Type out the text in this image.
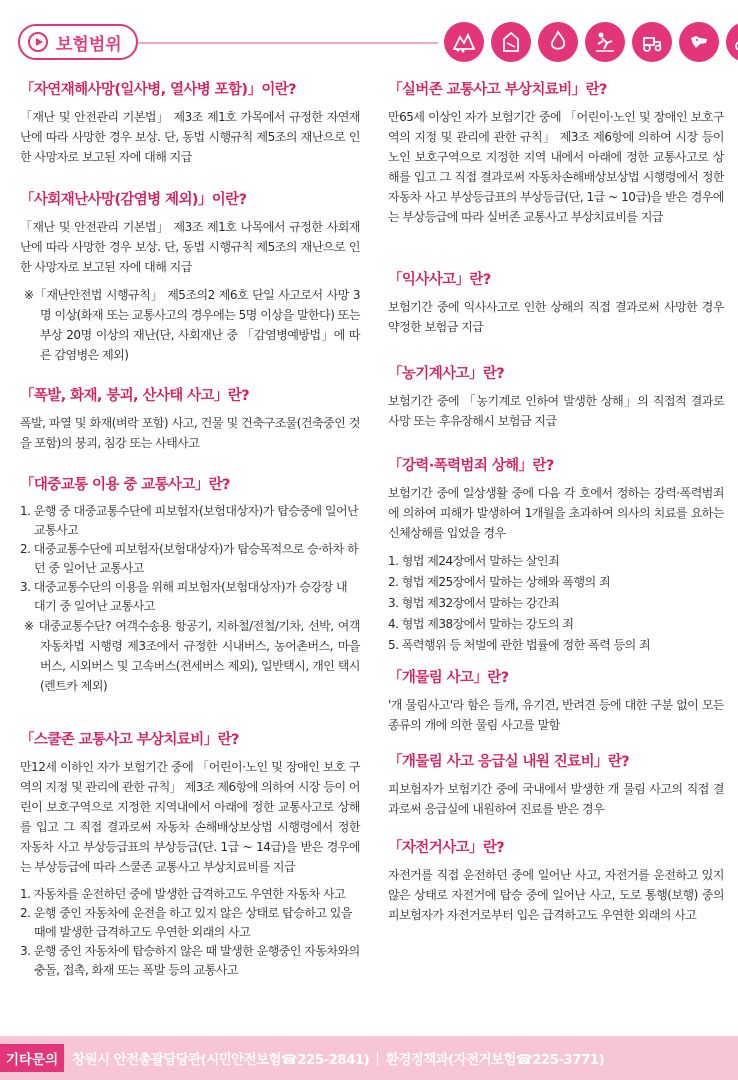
보험범위
「자연재해사망(일사병, 열사병 포함)」이란?

「재난 및 안전관리 기본법」 제3조 제1호 가목에서 규정한 자연재난에 따라 사망한 경우 보상. 단, 동법 시행규칙 제5조의 재난으로 인한 사망자로 보고된 자에 대해 지급

「사회재난사망(감염병 제외)」이란?

「재난 및 안전관리 기본법」 제3조 제1호 나목에서 규정한 사회재난에 따라 사망한 경우 보상. 단, 동법 시행규칙 제5조의 재난으로 인한 사망자로 보고된 자에 대해 지급

※「재난안전법 시행규칙」 제5조의2 제6호 단일 사고로서 사망 3명 이상(화재 또는 교통사고의 경우에는 5명 이상을 말한다) 또는 부상 20명 이상의 재난(단, 사회재난 중 「감염병예방법」에 따른 감염병은 제외)

「폭발, 화재, 붕괴, 산사태 사고」란?

폭발, 파열 및 화재(벼락 포함) 사고, 건물 및 건축구조물(건축중인 것을 포함)의 붕괴, 침강 또는 사태사고

「대중교통 이용 중 교통사고」란?
1. 운행 중 대중교통수단에 피보험자(보험대상자)가 탑승중에 일어난 교통사고
2. 대중교통수단에 피보험자(보험대상자)가 탑승목적으로 승·하차 하던 중 일어난 교통사고
3. 대중교통수단의 이용을 위해 피보험자(보험대상자)가 승강장 내 대기 중 일어난 교통사고

※ 대중교통수단? 여객수송용 항공기, 지하철/전철/기차, 선박, 여객자동차법 시행령 제3조에서 규정한 시내버스, 농어촌버스, 마을버스, 시외버스 및 고속버스(전세버스 제외), 일반택시, 개인 택시(렌트카 제외)

「스쿨존 교통사고 부상치료비」란?

만12세 이하인 자가 보험기간 중에 「어린이·노인 및 장애인 보호 구역의 지정 및 관리에 관한 규칙」 제3조 제6항에 의하여 시장 등이 어린이 보호구역으로 지정한 지역내에서 아래에 정한 교통사고로 상해를 입고 그 직접 결과로써 자동차 손해배상보상법 시행령에서 정한 자동차 사고 부상등급표의 부상등급(단. 1급 ~ 14급)을 받은 경우에는 부상등급에 따라 스쿨존 교통사고 부상치료비를 지급

1. 자동차를 운전하던 중에 발생한 급격하고도 우연한 자동차 사고
2. 운행 중인 자동차에 운전을 하고 있지 않은 상태로 탑승하고 있을 때에 발생한 급격하고도 우연한 외래의 사고
3. 운행 중인 자동차에 탑승하지 않은 때 발생한 운행중인 자동차와의 충돌, 접촉, 화재 또는 폭발 등의 교통사고
「실버존 교통사고 부상치료비」란?

만65세 이상인 자가 보험기간 중에 「어린이·노인 및 장애인 보호구역의 지정 및 관리에 관한 규칙」 제3조 제6항에 의하여 시장 등이 노인 보호구역으로 지정한 지역 내에서 아래에 정한 교통사고로 상해를 입고 그 직접 결과로써 자동차손해배상보상법 시행령에서 정한 자동차 사고 부상등급표의 부상등급(단, 1급 ~ 10급)을 받은 경우에는 부상등급에 따라 실버존 교통사고 부상치료비를 지급

「익사사고」란?

보험기간 중에 익사사고로 인한 상해의 직접 결과로써 사망한 경우 약정한 보험금 지급

「농기계사고」란?

보험기간 중에 「농기계로 인하여 발생한 상해」의 직접적 결과로 사망 또는 후유장해시 보험금 지급

「강력·폭력범죄 상해」란?

보험기간 중에 일상생활 중에 다음 각 호에서 정하는 강력·폭력범죄에 의하여 피해가 발생하여 1개월을 초과하여 의사의 치료를 요하는 신체상해를 입었을 경우

1. 형법 제24장에서 말하는 살인죄
2. 형법 제25장에서 말하는 상해와 폭행의 죄
3. 형법 제32장에서 말하는 강간죄
4. 형법 제38장에서 말하는 강도의 죄
5. 폭력행위 등 처벌에 관한 법률에 정한 폭력 등의 죄
「개물림 사고」란?

'개 물림사고'라 함은 들개, 유기견, 반려견 등에 대한 구분 없이 모든 종류의 개에 의한 물림 사고를 말함

「개물림 사고 응급실 내원 진료비」란?

피보험자가 보험기간 중에 국내에서 발생한 개 물림 사고의 직접 결과로써 응급실에 내원하여 진료를 받은 경우

「자전거사고」란?

자전거를 직접 운전하던 중에 일어난 사고, 자전거를 운전하고 있지 않은 상태로 자전거에 탑승 중에 일어난 사고, 도로 통행(보행) 중의 피보험자가 자전거로부터 입은 급격하고도 우연한 외래의 사고

기타문의	창원시 안전총괄담당관(시민안전보험☎225-2841) | 환경정책과(자전거보험☎225-3771)
